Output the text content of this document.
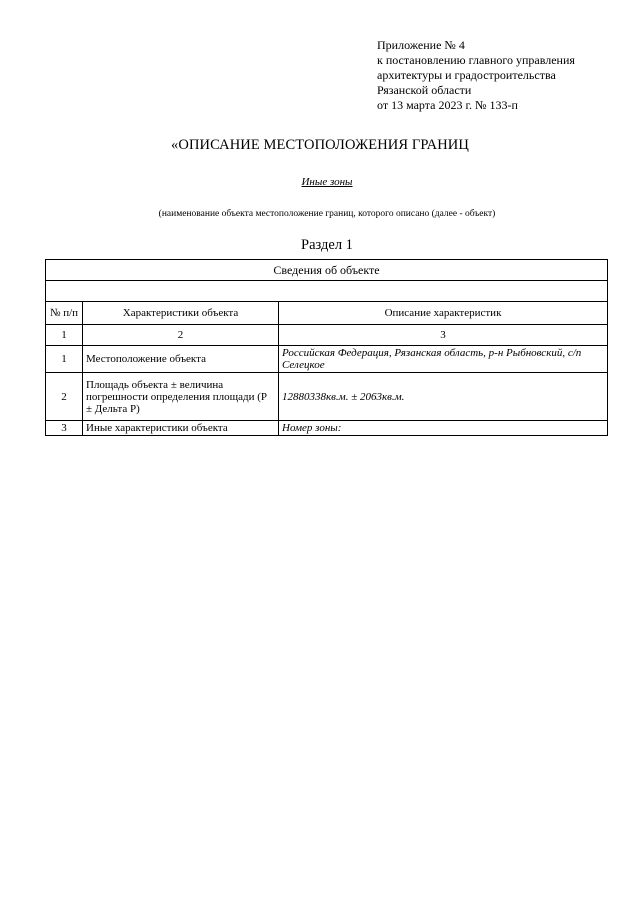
Приложение № 4
к постановлению главного управления
архитектуры и градостроительства
Рязанской области
от 13 марта 2023 г. № 133-п
«ОПИСАНИЕ МЕСТОПОЛОЖЕНИЯ ГРАНИЦ
Иные зоны
(наименование объекта местоположение границ, которого описано (далее - объект)
Раздел 1
Сведения об объекте		

№ п/п	Характеристики объекта	Описание характеристик
1	2	3
1	Местоположение объекта	Российская Федерация, Рязанская область, р-н Рыбновский, с/п Селецкое
2	Площадь объекта ± величина погрешности определения площади (Р ± Дельта Р)	12880338кв.м. ± 2063кв.м.
3	Иные характеристики объекта	Номер зоны:
